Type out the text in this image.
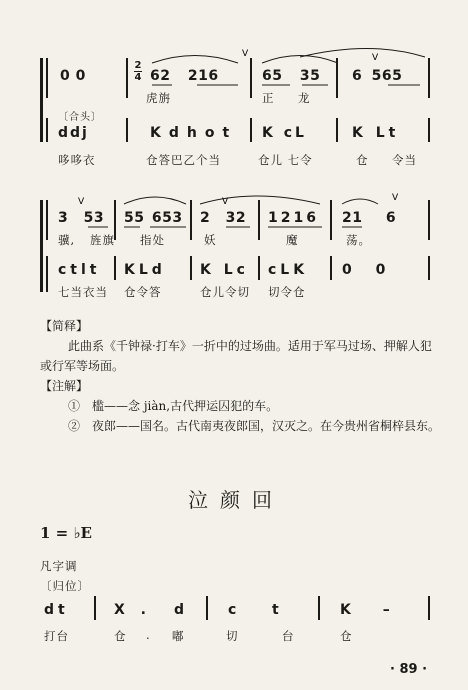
0 0
2
4 62 216	65 35 6 565
V	V
虎旃	正 龙
〔合头〕
ddj	Kdhot K cL	K Lt
哆哆衣	仓答巴乙个当	仓儿 七令	仓 令当
3 53 55 653 2 32 1216 21 6
V	V	V
骥, 旌旗 指处	妖	魔	荡。
ctlt KLd K Lc cLK 0 0
七当衣当 仓令答	仓儿令切 切令仓
【简释】
此曲系《千钟禄·打车》一折中的过场曲。适用于军马过场、押解人犯或行军等场面。
【注解】
①　槛——念 jiàn,古代押运囚犯的车。
②　夜郎——国名。古代南夷夜郎国，汉灭之。在今贵州省桐梓县东。
泣颜回
1 = ♭E
凡字调
〔归位〕
dt	X . d	c	t	K –
打台	仓 . 嘟	切	台	仓
· 89 ·
